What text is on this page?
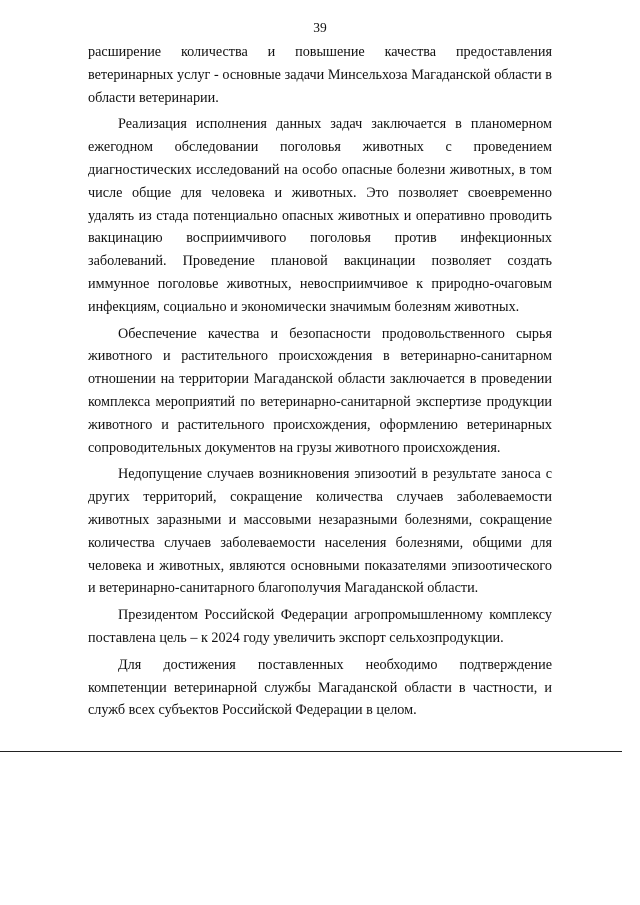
39

расширение количества и повышение качества предоставления ветеринарных услуг - основные задачи Минсельхоза Магаданской области в области ветеринарии.

Реализация исполнения данных задач заключается в планомерном ежегодном обследовании поголовья животных с проведением диагностических исследований на особо опасные болезни животных, в том числе общие для человека и животных. Это позволяет своевременно удалять из стада потенциально опасных животных и оперативно проводить вакцинацию восприимчивого поголовья против инфекционных заболеваний. Проведение плановой вакцинации позволяет создать иммунное поголовье животных, невосприимчивое к природно-очаговым инфекциям, социально и экономически значимым болезням животных.

Обеспечение качества и безопасности продовольственного сырья животного и растительного происхождения в ветеринарно-санитарном отношении на территории Магаданской области заключается в проведении комплекса мероприятий по ветеринарно-санитарной экспертизе продукции животного и растительного происхождения, оформлению ветеринарных сопроводительных документов на грузы животного происхождения.

Недопущение случаев возникновения эпизоотий в результате заноса с других территорий, сокращение количества случаев заболеваемости животных заразными и массовыми незаразными болезнями, сокращение количества случаев заболеваемости населения болезнями, общими для человека и животных, являются основными показателями эпизоотического и ветеринарно-санитарного благополучия Магаданской области.

Президентом Российской Федерации агропромышленному комплексу поставлена цель – к 2024 году увеличить экспорт сельхозпродукции.

Для достижения поставленных необходимо подтверждение компетенции ветеринарной службы Магаданской области в частности, и служб всех субъектов Российской Федерации в целом.
